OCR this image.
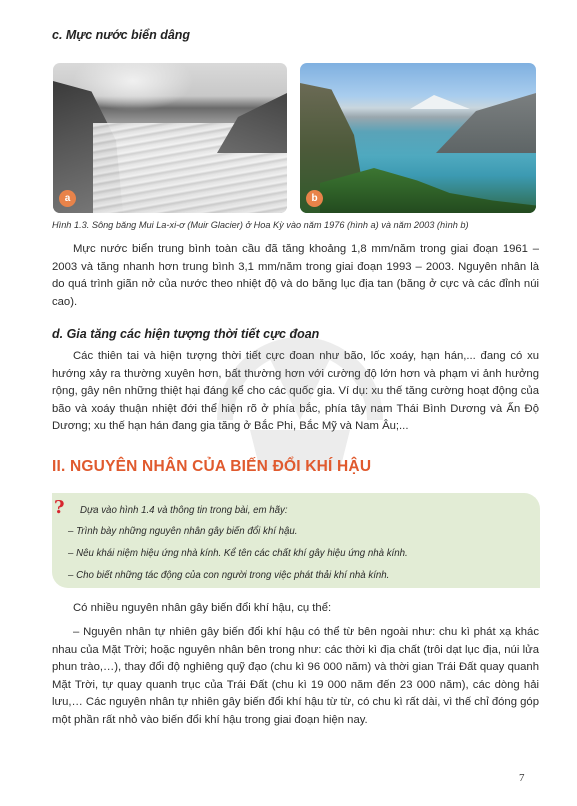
c. Mực nước biển dâng
a	b
Hình 1.3. Sông băng Mui La-xi-ơ (Muir Glacier) ở Hoa Kỳ vào năm 1976 (hình a) và năm 2003 (hình b)
Mực nước biển trung bình toàn cầu đã tăng khoảng 1,8 mm/năm trong giai đoạn 1961 – 2003 và tăng nhanh hơn trung bình 3,1 mm/năm trong giai đoạn 1993 – 2003. Nguyên nhân là do quá trình giãn nở của nước theo nhiệt độ và do băng lục địa tan (băng ở cực và các đỉnh núi cao).
d. Gia tăng các hiện tượng thời tiết cực đoan
Các thiên tai và hiện tượng thời tiết cực đoan như bão, lốc xoáy, hạn hán,... đang có xu hướng xảy ra thường xuyên hơn, bất thường hơn với cường độ lớn hơn và phạm vi ảnh hưởng rộng, gây nên những thiệt hại đáng kể cho các quốc gia. Ví dụ: xu thế tăng cường hoạt động của bão và xoáy thuận nhiệt đới thể hiện rõ ở phía bắc, phía tây nam Thái Bình Dương và Ấn Độ Dương; xu thế hạn hán đang gia tăng ở Bắc Phi, Bắc Mỹ và Nam Âu;...
II. NGUYÊN NHÂN CỦA BIẾN ĐỔI KHÍ HẬU
?	Dựa vào hình 1.4 và thông tin trong bài, em hãy:
– Trình bày những nguyên nhân gây biến đổi khí hậu.
– Nêu khái niệm hiệu ứng nhà kính. Kể tên các chất khí gây hiệu ứng nhà kính.
– Cho biết những tác động của con người trong việc phát thải khí nhà kính.
Có nhiều nguyên nhân gây biến đổi khí hậu, cụ thể:
– Nguyên nhân tự nhiên gây biến đổi khí hậu có thể từ bên ngoài như: chu kì phát xạ khác nhau của Mặt Trời; hoặc nguyên nhân bên trong như: các thời kì địa chất (trôi dạt lục địa, núi lửa phun trào,…), thay đổi độ nghiêng quỹ đạo (chu kì 96 000 năm) và thời gian Trái Đất quay quanh Mặt Trời, tự quay quanh trục của Trái Đất (chu kì 19 000 năm đến 23 000 năm), các dòng hải lưu,… Các nguyên nhân tự nhiên gây biến đổi khí hậu từ từ, có chu kì rất dài, vì thế chỉ đóng góp một phần rất nhỏ vào biến đổi khí hậu trong giai đoạn hiện nay.
7
